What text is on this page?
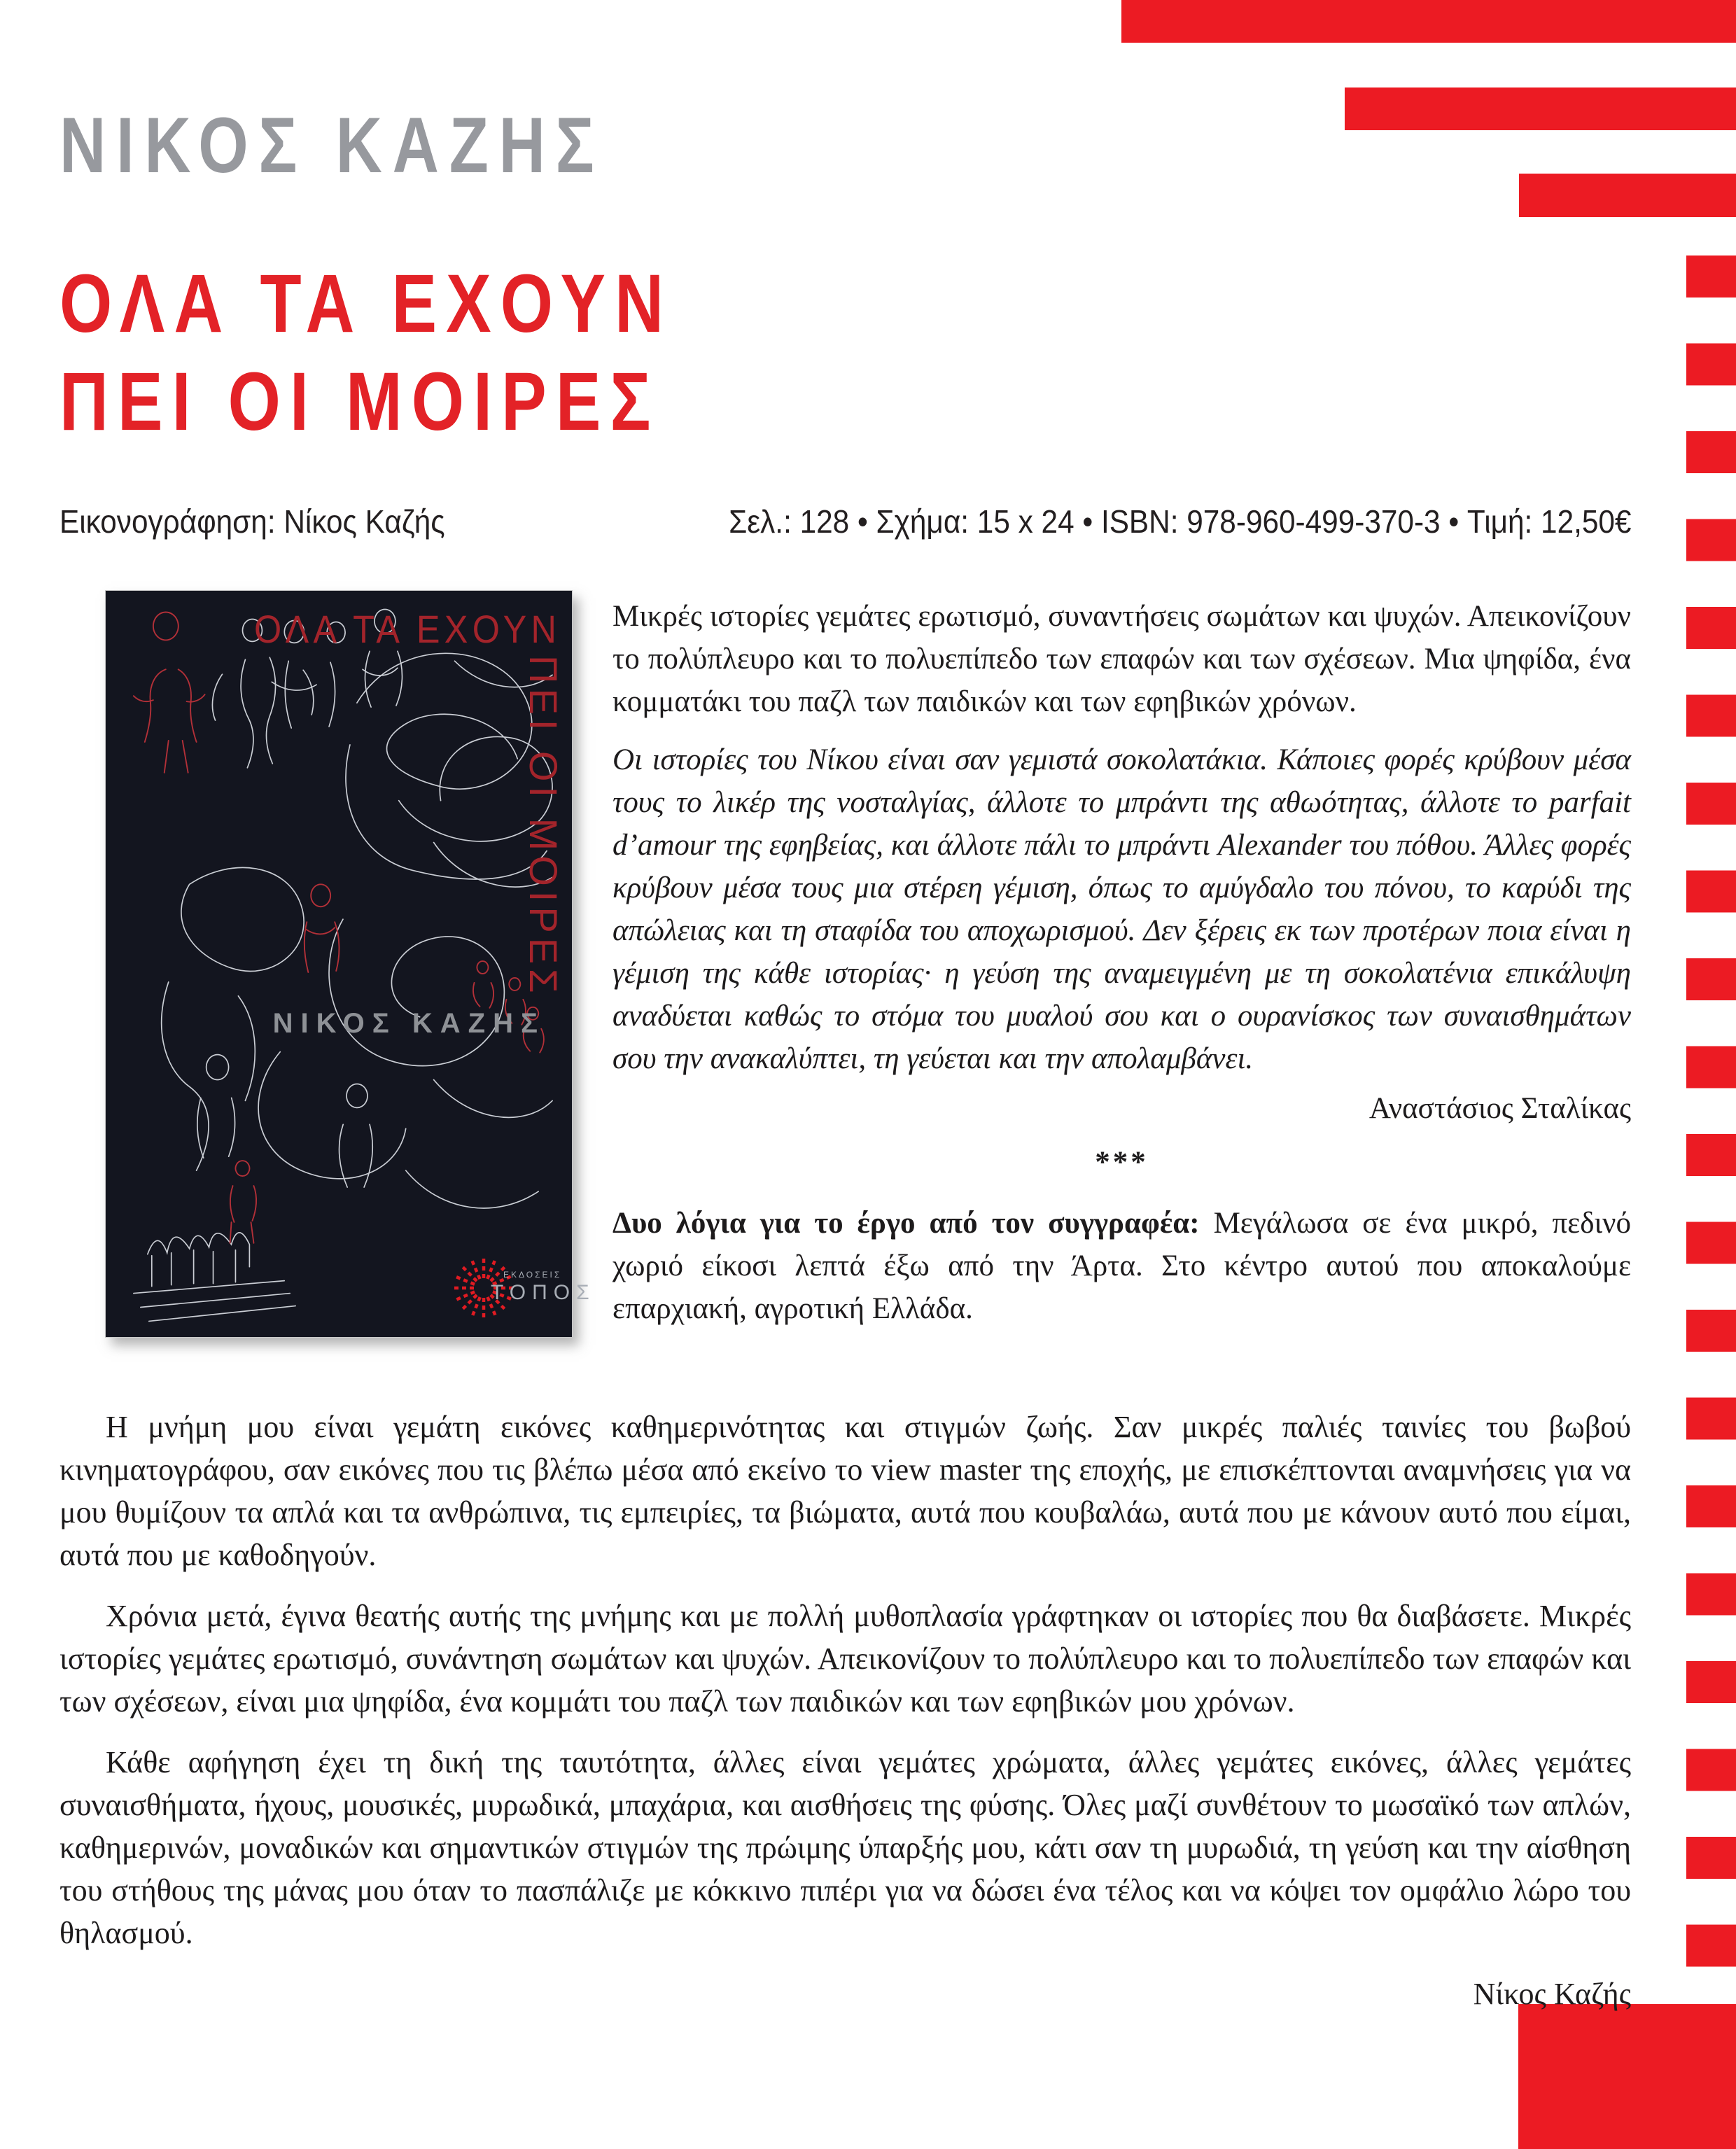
ΝΙΚΟΣ ΚΑΖΗΣ
ΟΛΑ ΤΑ ΕΧΟΥΝ
ΠΕΙ ΟΙ ΜΟΙΡΕΣ
Εικονογράφηση: Νίκος Καζής	Σελ.: 128 • Σχήμα: 15 x 24 • ISBN: 978-960-499-370-3 • Τιμή: 12,50€
ΟΛΑ ΤΑ ΕΧΟΥΝ
ΠΕΙ ΟΙ ΜΟΙΡΕΣ
ΝΙΚΟΣ ΚΑΖΗΣ
ΕΚΔΟΣΕΙΣ
ΤΟΠΟΣ

Μικρές ιστορίες γεμάτες ερωτισμό, συναντήσεις σωμάτων και ψυχών. Απεικονίζουν το πολύπλευρο και το πολυεπίπεδο των επαφών και των σχέσεων. Μια ψηφίδα, ένα κομματάκι του παζλ των παιδικών και των εφηβικών χρόνων.

Οι ιστορίες του Νίκου είναι σαν γεμιστά σοκολατάκια. Κάποιες φορές κρύβουν μέσα τους το λικέρ της νοσταλγίας, άλλοτε το μπράντι της αθωότητας, άλλοτε το parfait d’amour της εφηβείας, και άλλοτε πάλι το μπράντι Alexander του πόθου. Άλλες φορές κρύβουν μέσα τους μια στέρεη γέμιση, όπως το αμύγδαλο του πόνου, το καρύδι της απώλειας και τη σταφίδα του αποχωρισμού. Δεν ξέρεις εκ των προτέρων ποια είναι η γέμιση της κάθε ιστορίας· η γεύση της αναμειγμένη με τη σοκολατένια επικάλυψη αναδύεται καθώς το στόμα του μυαλού σου και ο ουρανίσκος των συναισθημάτων σου την ανακαλύπτει, τη γεύεται και την απολαμβάνει.

Αναστάσιος Σταλίκας

***

Δυο λόγια για το έργο από τον συγγραφέα: Μεγάλωσα σε ένα μικρό, πεδινό χωριό είκοσι λεπτά έξω από την Άρτα. Στο κέντρο αυτού που αποκαλούμε επαρχιακή, αγροτική Ελλάδα.

Η μνήμη μου είναι γεμάτη εικόνες καθημερινότητας και στιγμών ζωής. Σαν μικρές παλιές ταινίες του βωβού κινηματογράφου, σαν εικόνες που τις βλέπω μέσα από εκείνο το view master της εποχής, με επισκέπτονται αναμνήσεις για να μου θυμίζουν τα απλά και τα ανθρώπινα, τις εμπειρίες, τα βιώματα, αυτά που κουβαλάω, αυτά που με κάνουν αυτό που είμαι, αυτά που με καθοδηγούν.

Χρόνια μετά, έγινα θεατής αυτής της μνήμης και με πολλή μυθοπλασία γράφτηκαν οι ιστορίες που θα διαβάσετε. Μικρές ιστορίες γεμάτες ερωτισμό, συνάντηση σωμάτων και ψυχών. Απεικονίζουν το πολύπλευρο και το πολυεπίπεδο των επαφών και των σχέσεων, είναι μια ψηφίδα, ένα κομμάτι του παζλ των παιδικών και των εφηβικών μου χρόνων.

Κάθε αφήγηση έχει τη δική της ταυτότητα, άλλες είναι γεμάτες χρώματα, άλλες γεμάτες εικόνες, άλλες γεμάτες συναισθήματα, ήχους, μουσικές, μυρωδικά, μπαχάρια, και αισθήσεις της φύσης. Όλες μαζί συνθέτουν το μωσαϊκό των απλών, καθημερινών, μοναδικών και σημαντικών στιγμών της πρώιμης ύπαρξής μου, κάτι σαν τη μυρωδιά, τη γεύση και την αίσθηση του στήθους της μάνας μου όταν το πασπάλιζε με κόκκινο πιπέρι για να δώσει ένα τέλος και να κόψει τον ομφάλιο λώρο του θηλασμού.

Νίκος Καζής
